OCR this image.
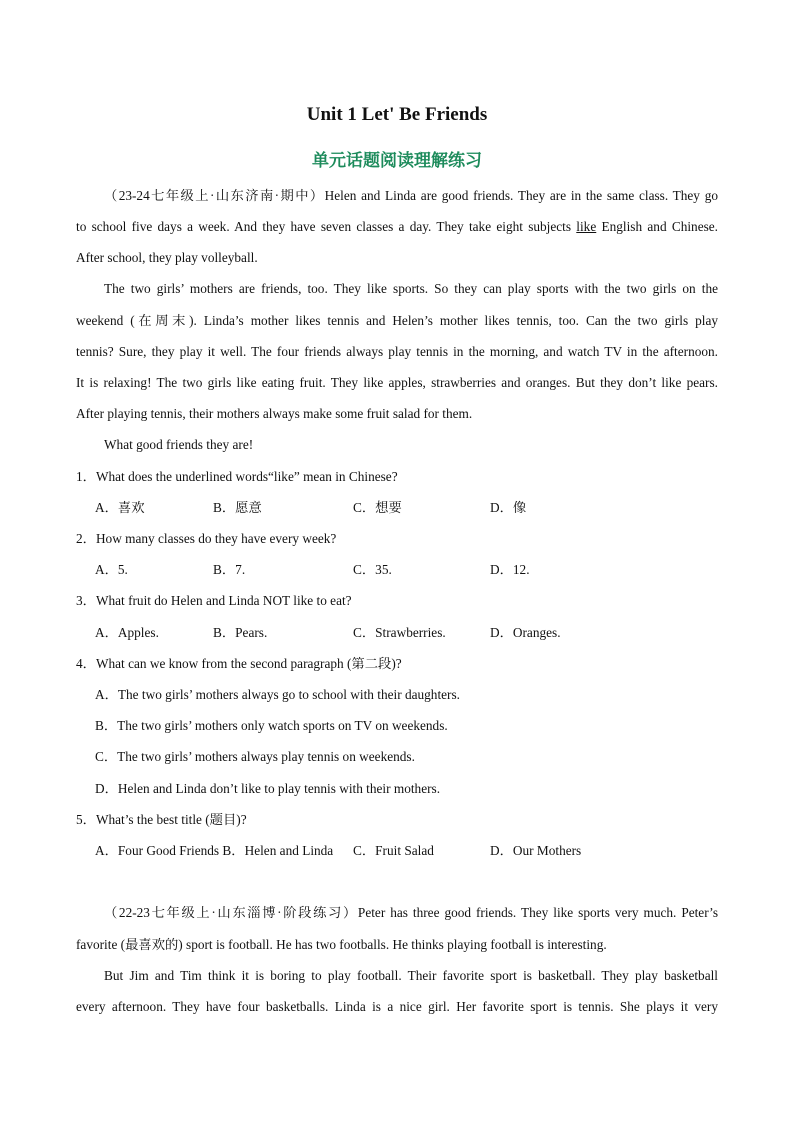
Unit 1 Let' Be Friends
单元话题阅读理解练习
（23-24七年级上·山东济南·期中）Helen and Linda are good friends. They are in the same class. They go
to school five days a week. And they have seven classes a day. They take eight subjects like English and Chinese.
After school, they play volleyball.
The two girls’ mothers are friends, too. They like sports. So they can play sports with the two girls on the
weekend (在周末). Linda’s mother likes tennis and Helen’s mother likes tennis, too. Can the two girls play
tennis? Sure, they play it well. The four friends always play tennis in the morning, and watch TV in the afternoon.
It is relaxing! The two girls like eating fruit. They like apples, strawberries and oranges. But they don’t like pears.
After playing tennis, their mothers always make some fruit salad for them.
What good friends they are!
1．What does the underlined words“like” mean in Chinese?
A．喜欢	B．愿意	C．想要	D．像
2．How many classes do they have every week?
A．5.	B．7.	C．35.	D．12.
3．What fruit do Helen and Linda NOT like to eat?
A．Apples.	B．Pears.	C．Strawberries.	D．Oranges.
4．What can we know from the second paragraph (第二段)?
A．The two girls’ mothers always go to school with their daughters.
B．The two girls’ mothers only watch sports on TV on weekends.
C．The two girls’ mothers always play tennis on weekends.
D．Helen and Linda don’t like to play tennis with their mothers.
5．What’s the best title (题目)?
A．Four Good Friends B．Helen and Linda C．Fruit Salad	D．Our Mothers
（22-23七年级上·山东淄博·阶段练习）Peter has three good friends. They like sports very much. Peter’s
favorite (最喜欢的) sport is football. He has two footballs. He thinks playing football is interesting.
But Jim and Tim think it is boring to play football. Their favorite sport is basketball. They play basketball
every afternoon. They have four basketballs. Linda is a nice girl. Her favorite sport is tennis. She plays it very
